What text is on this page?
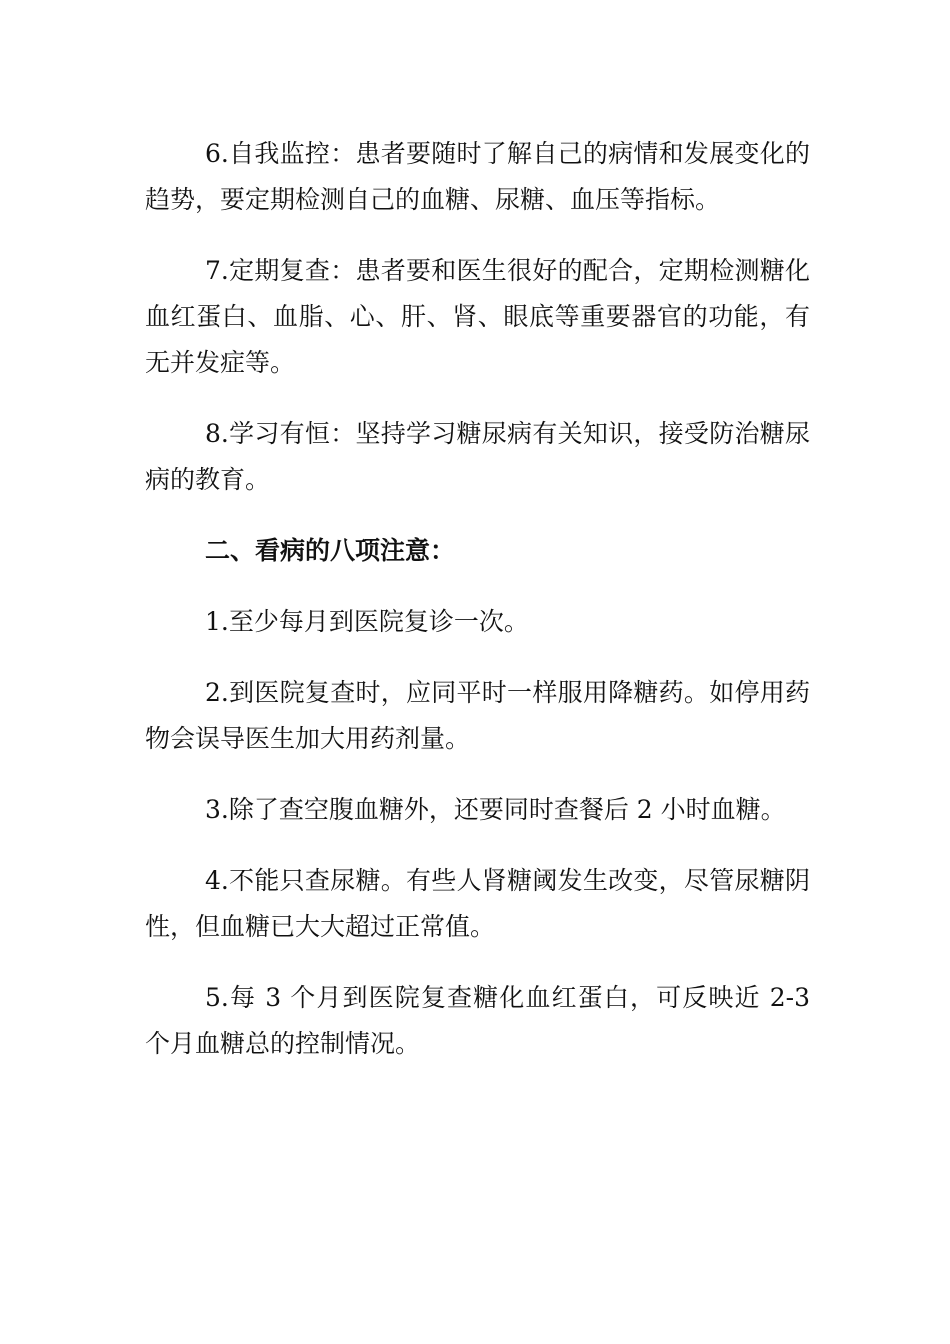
6.自我监控：患者要随时了解自己的病情和发展变化的趋势，要定期检测自己的血糖、尿糖、血压等指标。

7.定期复查：患者要和医生很好的配合，定期检测糖化血红蛋白、血脂、心、肝、肾、眼底等重要器官的功能，有无并发症等。

8.学习有恒：坚持学习糖尿病有关知识，接受防治糖尿病的教育。

二、看病的八项注意：

1.至少每月到医院复诊一次。

2.到医院复查时，应同平时一样服用降糖药。如停用药物会误导医生加大用药剂量。

3.除了查空腹血糖外，还要同时查餐后 2 小时血糖。

4.不能只查尿糖。有些人肾糖阈发生改变，尽管尿糖阴性，但血糖已大大超过正常值。

5.每 3 个月到医院复查糖化血红蛋白，可反映近 2-3 个月血糖总的控制情况。
